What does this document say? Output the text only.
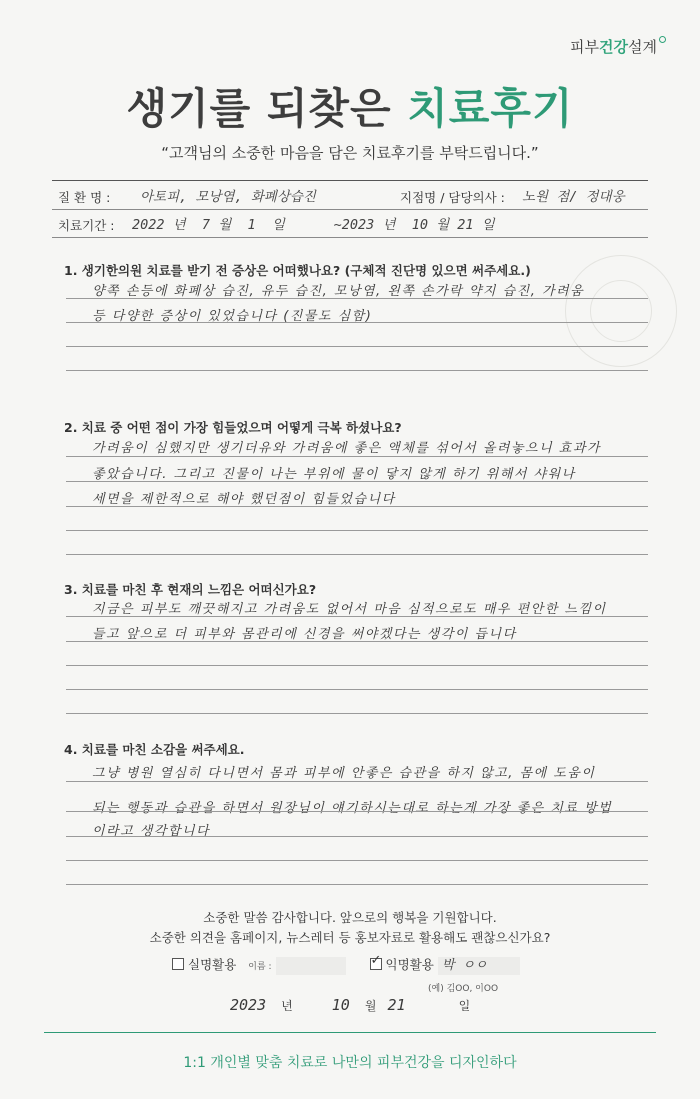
피부건강설계
생기를 되찾은 치료후기
“고객님의 소중한 마음을 담은 치료후기를 부탁드립니다.”
질 환 명 : 아토피, 모낭염, 화폐상습진	지점명 / 담당의사 : 노원 점/ 정대웅
치료기간 : 2022 년  7 월  1  일      ~2023 년  10 월 21 일
1. 생기한의원 치료를 받기 전 증상은 어떠했나요? (구체적 진단명 있으면 써주세요.)
양쪽 손등에 화폐상 습진, 유두 습진, 모낭염, 왼쪽 손가락 약지 습진, 가려움
등 다양한 증상이 있었습니다 (진물도 심함)
2. 치료 중 어떤 점이 가장 힘들었으며 어떻게 극복 하셨나요?
가려움이 심했지만 생기더유와 가려움에 좋은 액체를 섞어서 올려놓으니 효과가
좋았습니다. 그리고 진물이 나는 부위에 물이 닿지 않게 하기 위해서 샤워나
세면을 제한적으로 해야 했던점이 힘들었습니다
3. 치료를 마친 후 현재의 느낌은 어떠신가요?
지금은 피부도 깨끗해지고 가려움도 없어서 마음 심적으로도 매우 편안한 느낌이
들고 앞으로 더 피부와 몸관리에 신경을 써야겠다는 생각이 듭니다
4. 치료를 마친 소감을 써주세요.
그냥 병원 열심히 다니면서 몸과 피부에 안좋은 습관을 하지 않고, 몸에 도움이
되는 행동과 습관을 하면서 원장님이 얘기하시는대로 하는게 가장 좋은 치료 방법
이라고 생각합니다
소중한 말씀 감사합니다. 앞으로의 행복을 기원합니다.
소중한 의견을 홈페이지, 뉴스레터 등 홍보자료로 활용해도 괜찮으신가요?
실명활용 이름 :	✓ 익명활용 박 ㅇㅇ
(예) 김OO, 이OO
2023 년	10 월 21	일
1:1 개인별 맞춤 치료로 나만의 피부건강을 디자인하다
